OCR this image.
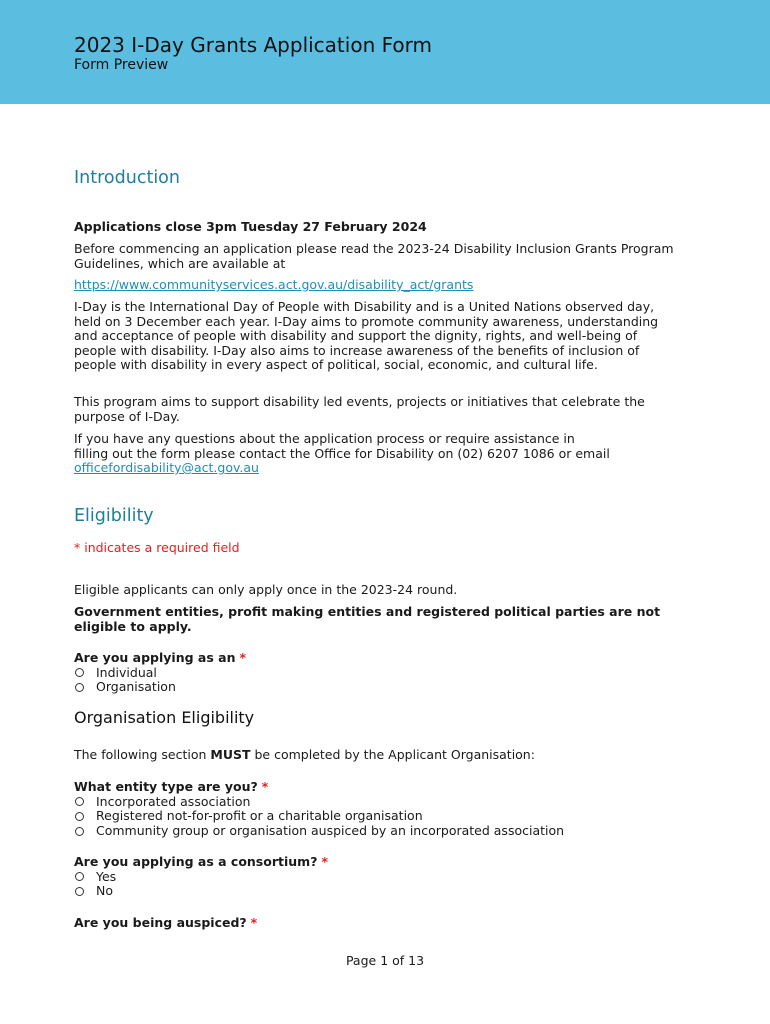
2023 I-Day Grants Application Form
Form Preview
Introduction

Applications close 3pm Tuesday 27 February 2024

Before commencing an application please read the 2023-24 Disability Inclusion Grants Program Guidelines, which are available at

https://www.communityservices.act.gov.au/disability_act/grants

I-Day is the International Day of People with Disability and is a United Nations observed day, held on 3 December each year. I-Day aims to promote community awareness, understanding and acceptance of people with disability and support the dignity, rights, and well-being of people with disability. I-Day also aims to increase awareness of the benefits of inclusion of people with disability in every aspect of political, social, economic, and cultural life.

This program aims to support disability led events, projects or initiatives that celebrate the purpose of I-Day.

If you have any questions about the application process or require assistance in
filling out the form please contact the Office for Disability on (02) 6207 1086 or email
officefordisability@act.gov.au
Eligibility

* indicates a required field

Eligible applicants can only apply once in the 2023-24 round.

Government entities, profit making entities and registered political parties are not eligible to apply.

Are you applying as an *
Individual
Organisation
Organisation Eligibility

The following section MUST be completed by the Applicant Organisation:

What entity type are you? *
Incorporated association
Registered not-for-profit or a charitable organisation
Community group or organisation auspiced by an incorporated association
Are you applying as a consortium? *
Yes
No
Are you being auspiced? *
Page 1 of 13
